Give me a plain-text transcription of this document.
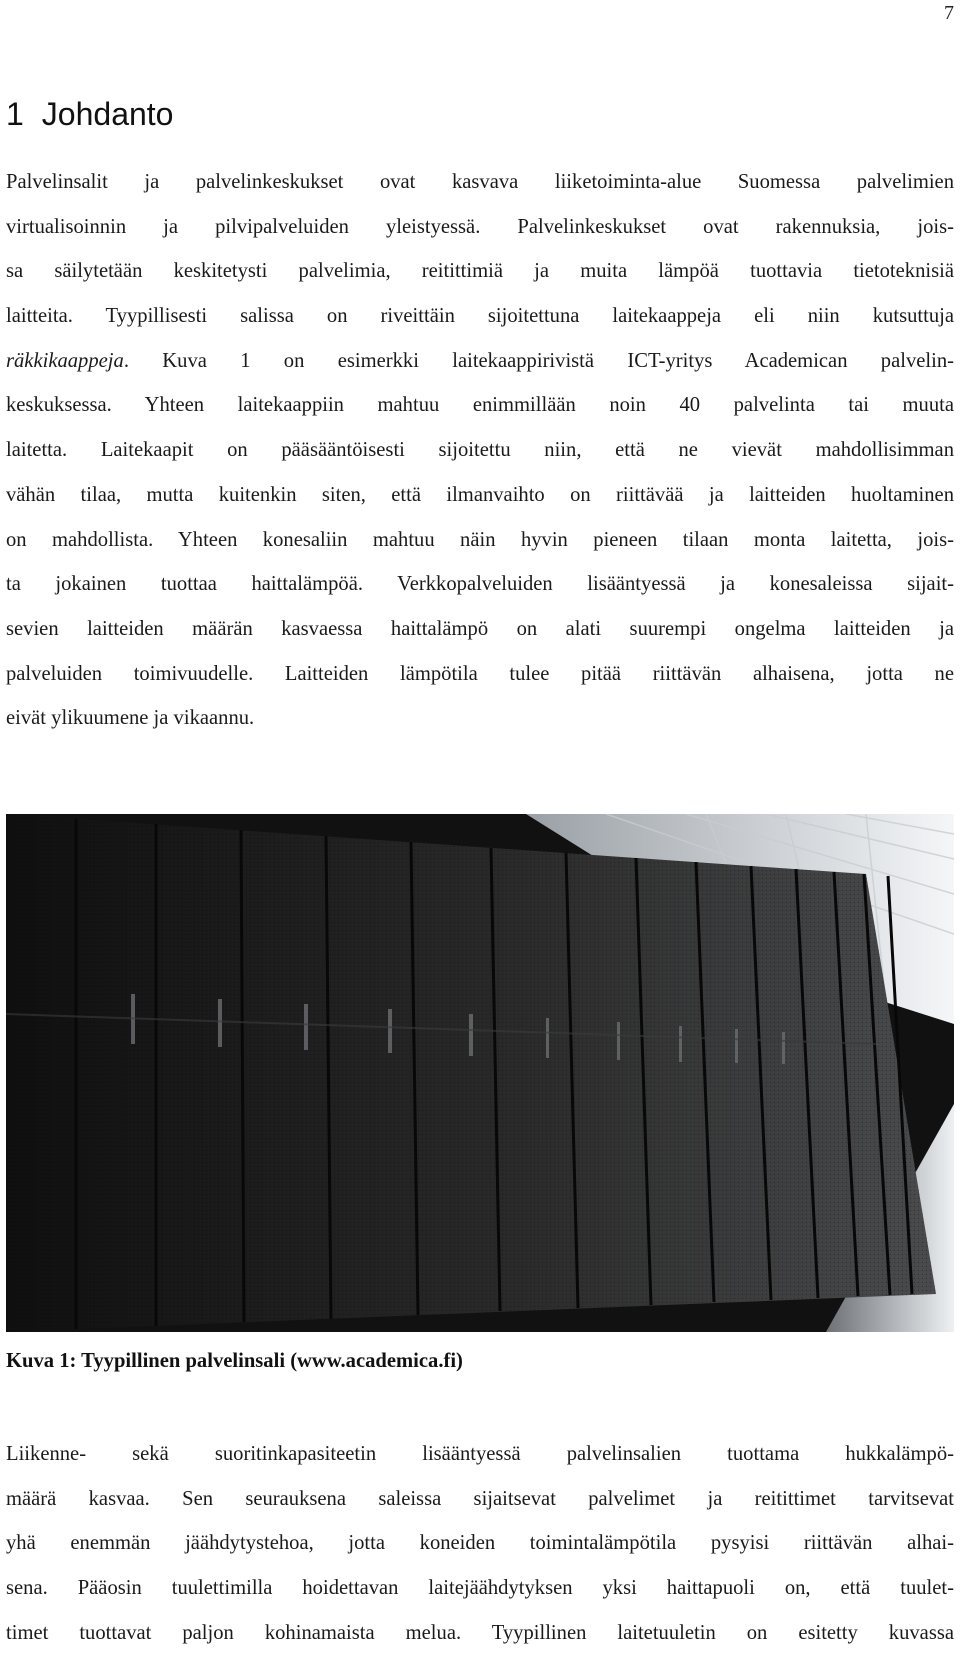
7
1 Johdanto
Palvelinsalit ja palvelinkeskukset ovat kasvava liiketoiminta-alue Suomessa palvelimien
virtualisoinnin ja pilvipalveluiden yleistyessä. Palvelinkeskukset ovat rakennuksia, jois-
sa säilytetään keskitetysti palvelimia, reitittimiä ja muita lämpöä tuottavia tietoteknisiä
laitteita. Tyypillisesti salissa on riveittäin sijoitettuna laitekaappeja eli niin kutsuttuja
räkkikaappeja. Kuva 1 on esimerkki laitekaappirivistä ICT-yritys Academican palvelin-
keskuksessa. Yhteen laitekaappiin mahtuu enimmillään noin 40 palvelinta tai muuta
laitetta. Laitekaapit on pääsääntöisesti sijoitettu niin, että ne vievät mahdollisimman
vähän tilaa, mutta kuitenkin siten, että ilmanvaihto on riittävää ja laitteiden huoltaminen
on mahdollista. Yhteen konesaliin mahtuu näin hyvin pieneen tilaan monta laitetta, jois-
ta jokainen tuottaa haittalämpöä. Verkkopalveluiden lisääntyessä ja konesaleissa sijait-
sevien laitteiden määrän kasvaessa haittalämpö on alati suurempi ongelma laitteiden ja
palveluiden toimivuudelle. Laitteiden lämpötila tulee pitää riittävän alhaisena, jotta ne
eivät ylikuumene ja vikaannu.
Kuva 1: Tyypillinen palvelinsali (www.academica.fi)
Liikenne- sekä suoritinkapasiteetin lisääntyessä palvelinsalien tuottama hukkalämpö-
määrä kasvaa. Sen seurauksena saleissa sijaitsevat palvelimet ja reitittimet tarvitsevat
yhä enemmän jäähdytystehoa, jotta koneiden toimintalämpötila pysyisi riittävän alhai-
sena. Pääosin tuulettimilla hoidettavan laitejäähdytyksen yksi haittapuoli on, että tuulet-
timet tuottavat paljon kohinamaista melua. Tyypillinen laitetuuletin on esitetty kuvassa
